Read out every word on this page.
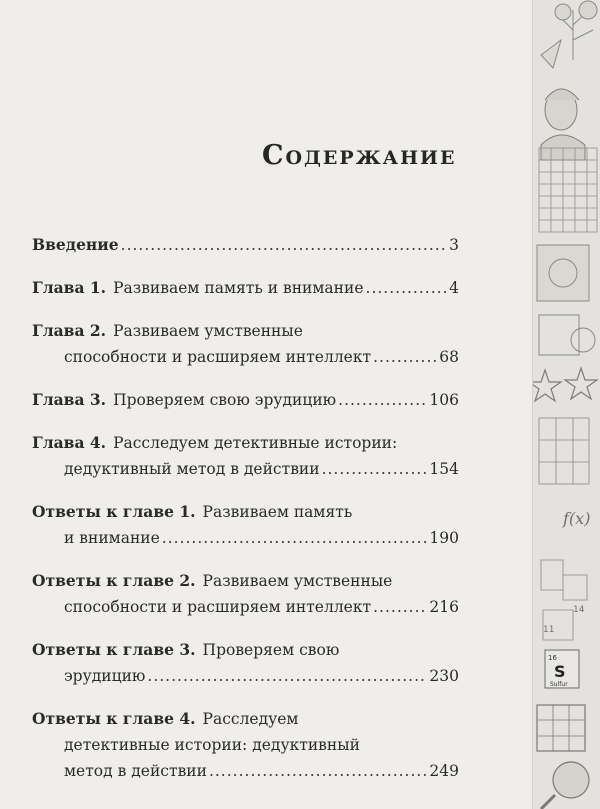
Содержание
Введение .....	3
Глава 1. Развиваем память и внимание .....	4
Глава 2. Развиваем умственные
способности и расширяем интеллект .....	68
Глава 3. Проверяем свою эрудицию .....	106
Глава 4. Расследуем детективные истории:
дедуктивный метод в действии .....	154
Ответы к главе 1. Развиваем память
и внимание .....	190
Ответы к главе 2. Развиваем умственные
способности и расширяем интеллект .....	216
Ответы к главе 3. Проверяем свою
эрудицию .....	230
Ответы к главе 4. Расследуем
детективные истории: дедуктивный
метод в действии .....	249
f(x)
11
14
16
S
Sulfur
